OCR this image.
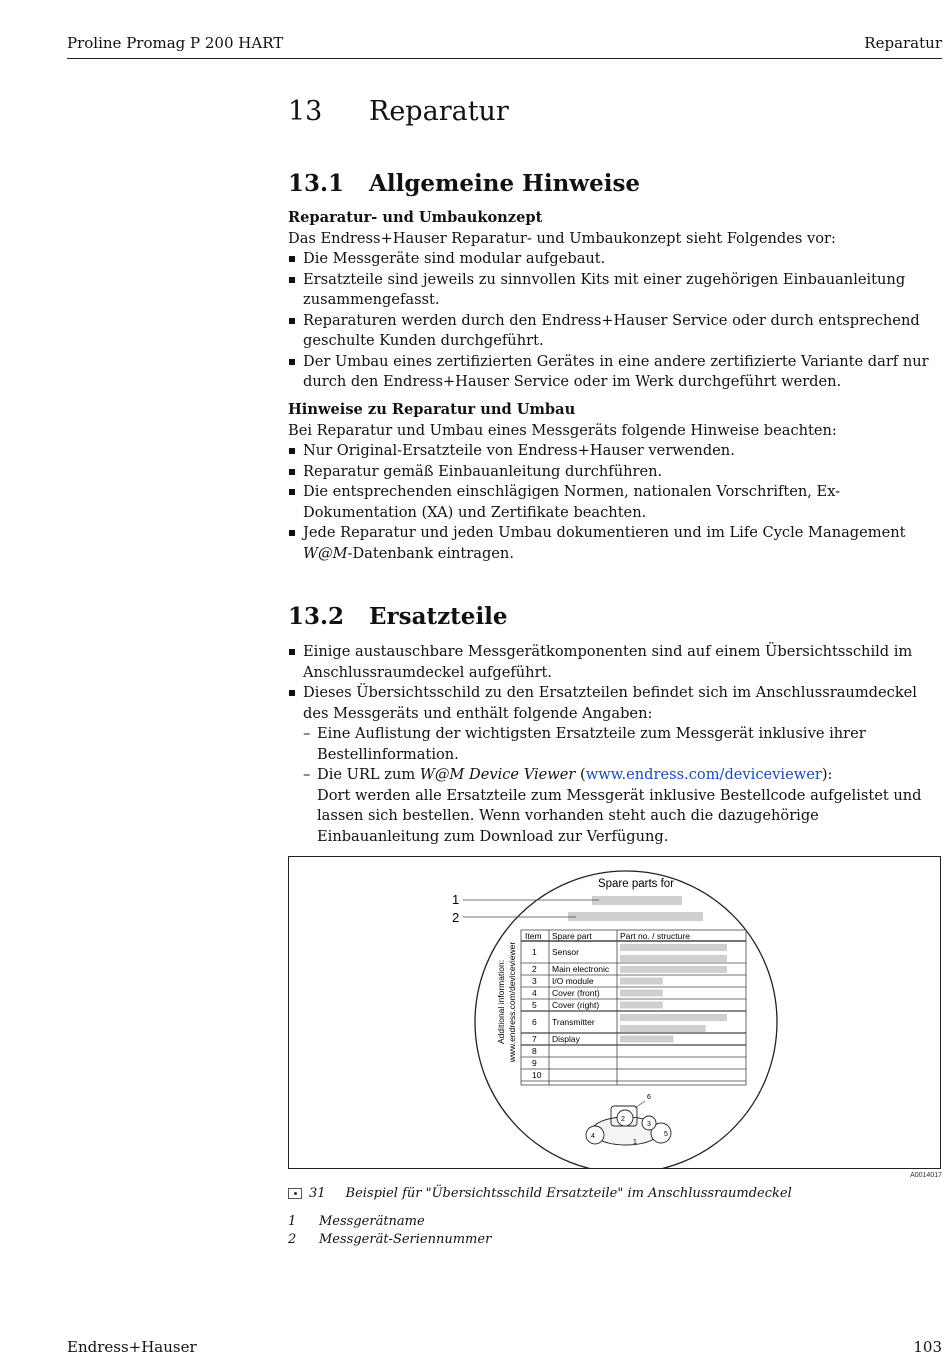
Proline Promag P 200 HART	Reparatur
13	Reparatur
13.1	Allgemeine Hinweise
Reparatur- und Umbaukonzept
Das Endress+Hauser Reparatur- und Umbaukonzept sieht Folgendes vor:
Die Messgeräte sind modular aufgebaut.
Ersatzteile sind jeweils zu sinnvollen Kits mit einer zugehörigen Einbauanleitung zusammengefasst.
Reparaturen werden durch den Endress+Hauser Service oder durch entsprechend geschulte Kunden durchgeführt.
Der Umbau eines zertifizierten Gerätes in eine andere zertifizierte Variante darf nur durch den Endress+Hauser Service oder im Werk durchgeführt werden.
Hinweise zu Reparatur und Umbau
Bei Reparatur und Umbau eines Messgeräts folgende Hinweise beachten:
Nur Original-Ersatzteile von Endress+Hauser verwenden.
Reparatur gemäß Einbauanleitung durchführen.
Die entsprechenden einschlägigen Normen, nationalen Vorschriften, Ex-Dokumentation (XA) und Zertifikate beachten.
Jede Reparatur und jeden Umbau dokumentieren und im Life Cycle Management W@M-Datenbank eintragen.
13.2	Ersatzteile
Einige austauschbare Messgerätkomponenten sind auf einem Übersichtsschild im Anschlussraumdeckel aufgeführt.
Dieses Übersichtsschild zu den Ersatzteilen befindet sich im Anschlussraumdeckel des Messgeräts und enthält folgende Angaben:
– Eine Auflistung der wichtigsten Ersatzteile zum Messgerät inklusive ihrer Bestellinformation.
– Die URL zum W@M Device Viewer (www.endress.com/deviceviewer):
Dort werden alle Ersatzteile zum Messgerät inklusive Bestellcode aufgelistet und lassen sich bestellen. Wenn vorhanden steht auch die dazugehörige Einbauanleitung zum Download zur Verfügung.
Spare parts for
1
2
Additional information: www.endress.com/deviceviewer
Item Spare part	Part no. / structure
1 Sensor
2 Main electronic
3 I/O module
4 Cover (front)
5 Cover (right)
6 Transmitter
7 Display
8
9
10
6
4
2
3
5
1
A0014017
31 Beispiel für "Übersichtsschild Ersatzteile" im Anschlussraumdeckel
1	Messgerätname
2	Messgerät-Seriennummer
Endress+Hauser	103
